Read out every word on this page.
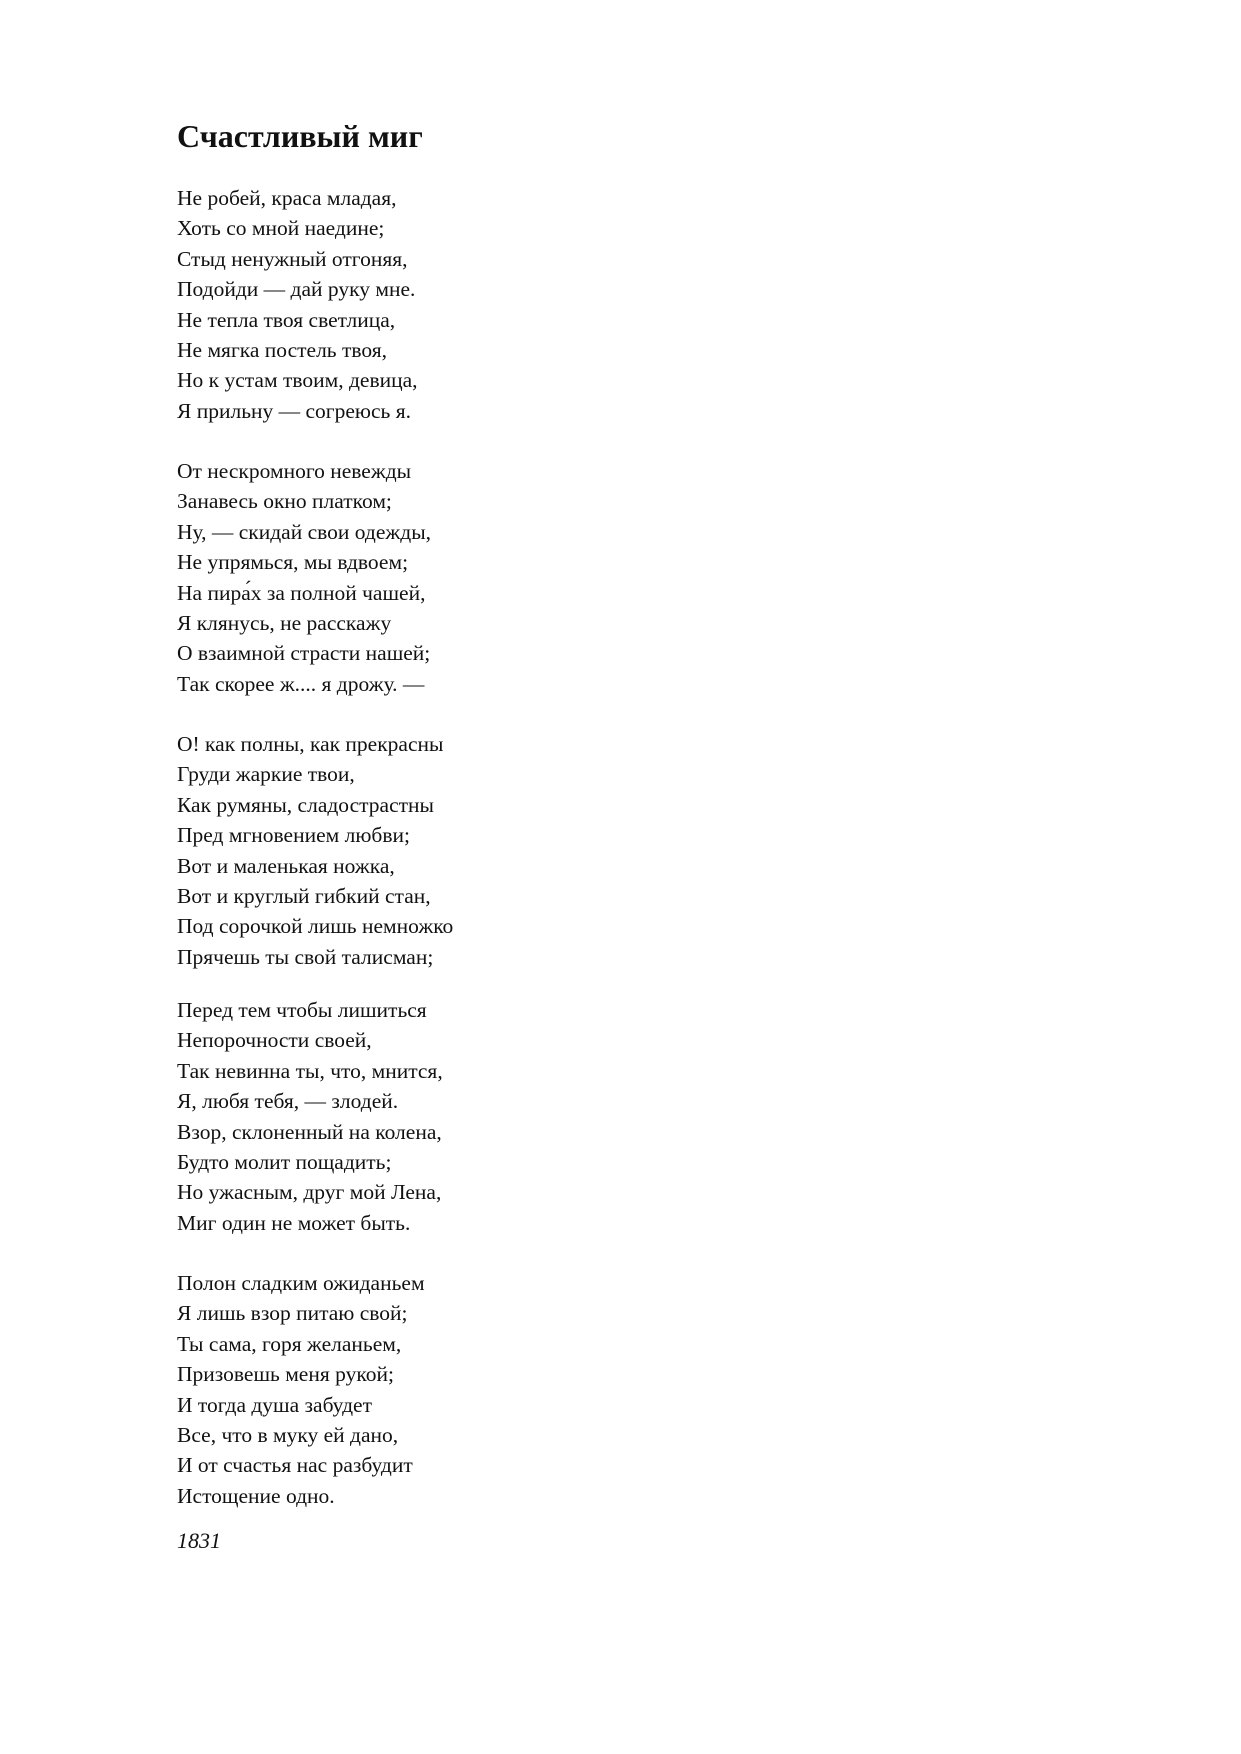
Счастливый миг
Не робей, краса младая,
Хоть со мной наедине;
Стыд ненужный отгоняя,
Подойди — дай руку мне.
Не тепла твоя светлица,
Не мягка постель твоя,
Но к устам твоим, девица,
Я прильну — согреюсь я.
От нескромного невежды
Занавесь окно платком;
Ну, — скидай свои одежды,
Не упрямься, мы вдвоем;
На пира́х за полной чашей,
Я клянусь, не расскажу
О взаимной страсти нашей;
Так скорее ж.... я дрожу. —
О! как полны, как прекрасны
Груди жаркие твои,
Как румяны, сладострастны
Пред мгновением любви;
Вот и маленькая ножка,
Вот и круглый гибкий стан,
Под сорочкой лишь немножко
Прячешь ты свой талисман;
Перед тем чтобы лишиться
Непорочности своей,
Так невинна ты, что, мнится,
Я, любя тебя, — злодей.
Взор, склоненный на колена,
Будто молит пощадить;
Но ужасным, друг мой Лена,
Миг один не может быть.
Полон сладким ожиданьем
Я лишь взор питаю свой;
Ты сама, горя желаньем,
Призовешь меня рукой;
И тогда душа забудет
Все, что в муку ей дано,
И от счастья нас разбудит
Истощение одно.
1831
